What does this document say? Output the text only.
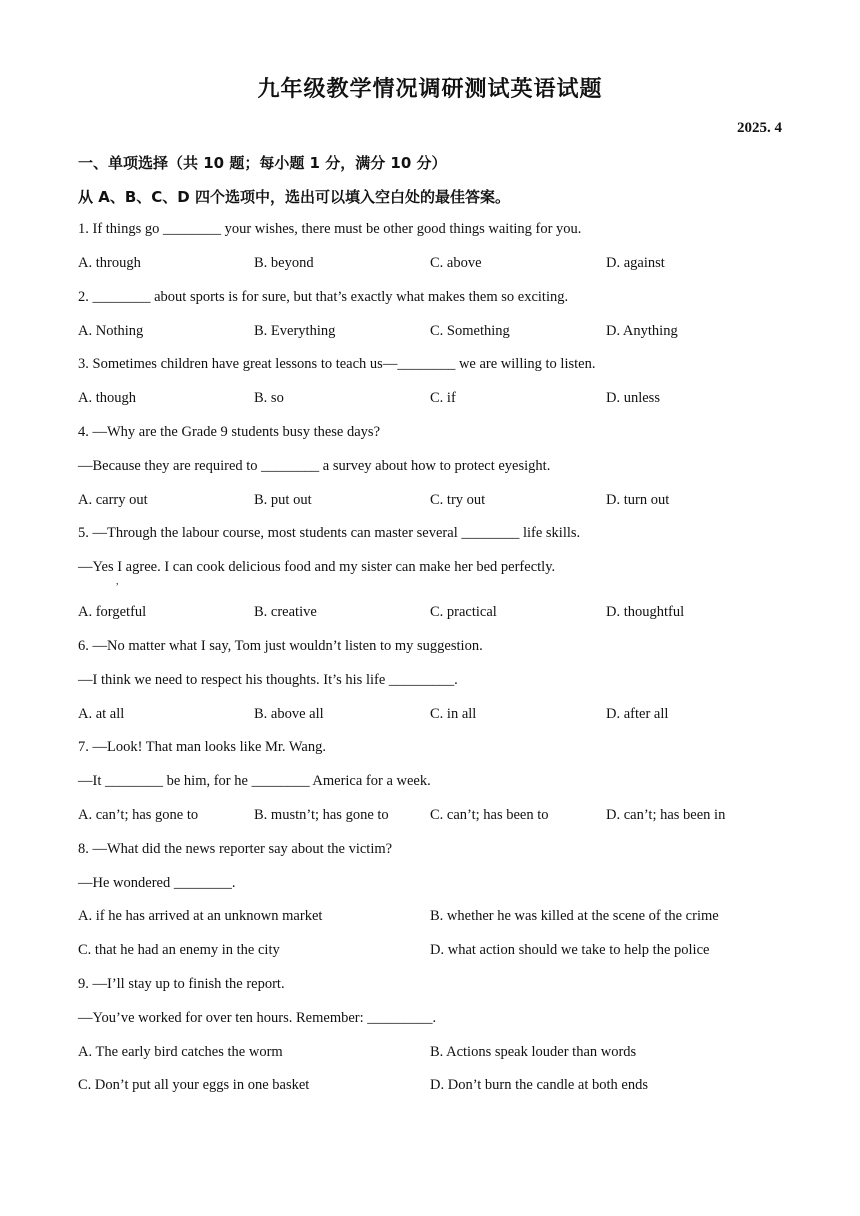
九年级教学情况调研测试英语试题
2025. 4
一、单项选择（共 10 题；每小题 1 分，满分 10 分）
从 A、B、C、D 四个选项中，选出可以填入空白处的最佳答案。
1. If things go ________ your wishes, there must be other good things waiting for you.
A. through	B. beyond	C. above	D. against
2. ________ about sports is for sure, but that’s exactly what makes them so exciting.
A. Nothing	B. Everything	C. Something	D. Anything
3. Sometimes children have great lessons to teach us—________ we are willing to listen.
A. though	B. so	C. if	D. unless
4. —Why are the Grade 9 students busy these days?
—Because they are required to ________ a survey about how to protect eyesight.
A. carry out	B. put out	C. try out	D. turn out
5. —Through the labour course, most students can master several ________ life skills.
—Yes I agree. I can cook delicious food and my sister can make her bed perfectly.
,
A. forgetful	B. creative	C. practical	D. thoughtful
6. —No matter what I say, Tom just wouldn’t listen to my suggestion.
—I think we need to respect his thoughts. It’s his life _________.
A. at all	B. above all	C. in all	D. after all
7. —Look! That man looks like Mr. Wang.
—It ________ be him, for he ________ America for a week.
A. can’t; has gone to	B. mustn’t; has gone to	C. can’t; has been to	D. can’t; has been in
8. —What did the news reporter say about the victim?
—He wondered ________.
A. if he has arrived at an unknown market	B. whether he was killed at the scene of the crime
C. that he had an enemy in the city	D. what action should we take to help the police
9. —I’ll stay up to finish the report.
—You’ve worked for over ten hours. Remember: _________.
A. The early bird catches the worm	B. Actions speak louder than words
C. Don’t put all your eggs in one basket	D. Don’t burn the candle at both ends
